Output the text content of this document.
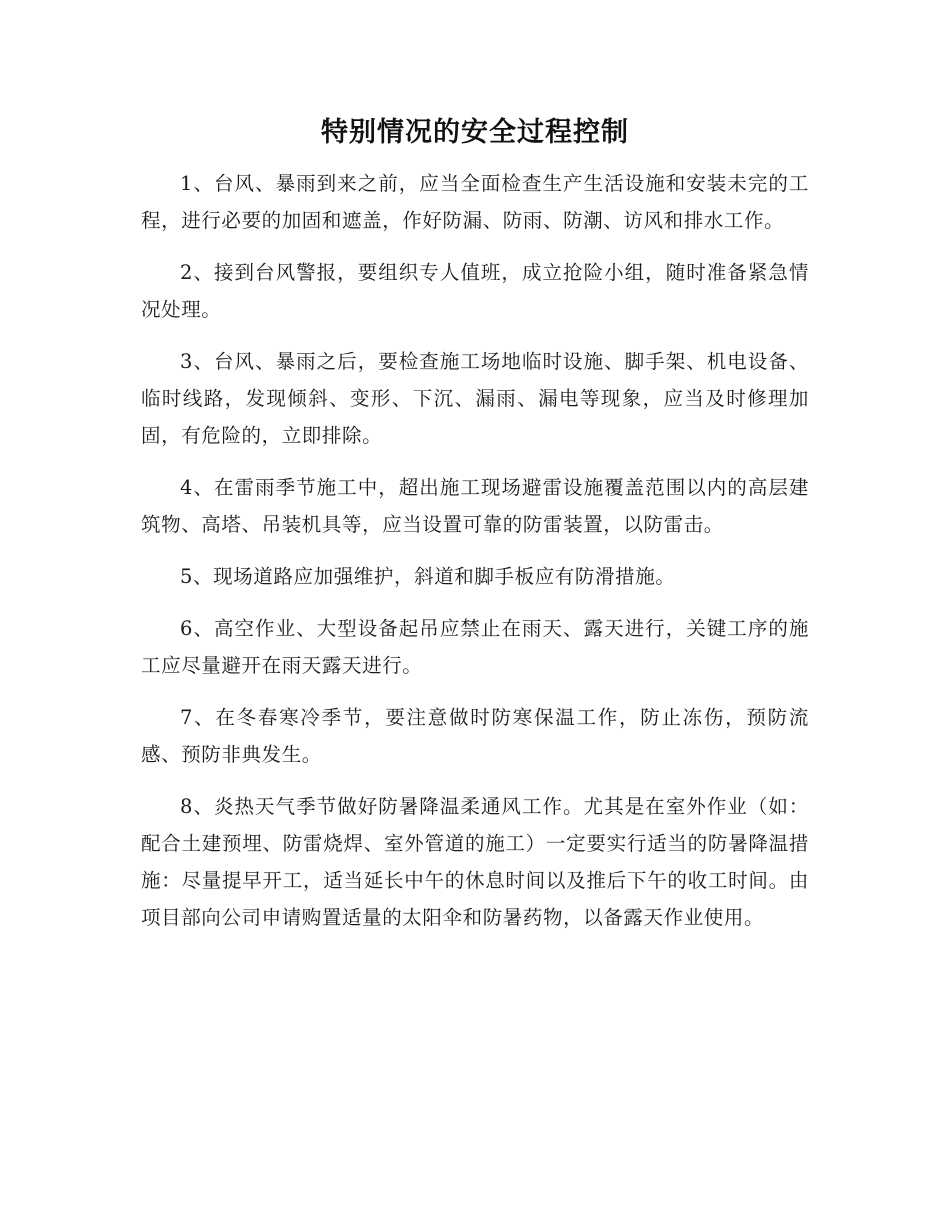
特别情况的安全过程控制

1、台风、暴雨到来之前，应当全面检查生产生活设施和安装未完的工程，进行必要的加固和遮盖，作好防漏、防雨、防潮、访风和排水工作。

2、接到台风警报，要组织专人值班，成立抢险小组，随时准备紧急情况处理。

3、台风、暴雨之后，要检查施工场地临时设施、脚手架、机电设备、临时线路，发现倾斜、变形、下沉、漏雨、漏电等现象，应当及时修理加固，有危险的，立即排除。

4、在雷雨季节施工中，超出施工现场避雷设施覆盖范围以内的高层建筑物、高塔、吊装机具等，应当设置可靠的防雷装置，以防雷击。

5、现场道路应加强维护，斜道和脚手板应有防滑措施。

6、高空作业、大型设备起吊应禁止在雨天、露天进行，关键工序的施工应尽量避开在雨天露天进行。

7、在冬春寒冷季节，要注意做时防寒保温工作，防止冻伤，预防流感、预防非典发生。

8、炎热天气季节做好防暑降温柔通风工作。尤其是在室外作业（如：配合土建预埋、防雷烧焊、室外管道的施工）一定要实行适当的防暑降温措施：尽量提早开工，适当延长中午的休息时间以及推后下午的收工时间。由项目部向公司申请购置适量的太阳伞和防暑药物，以备露天作业使用。
